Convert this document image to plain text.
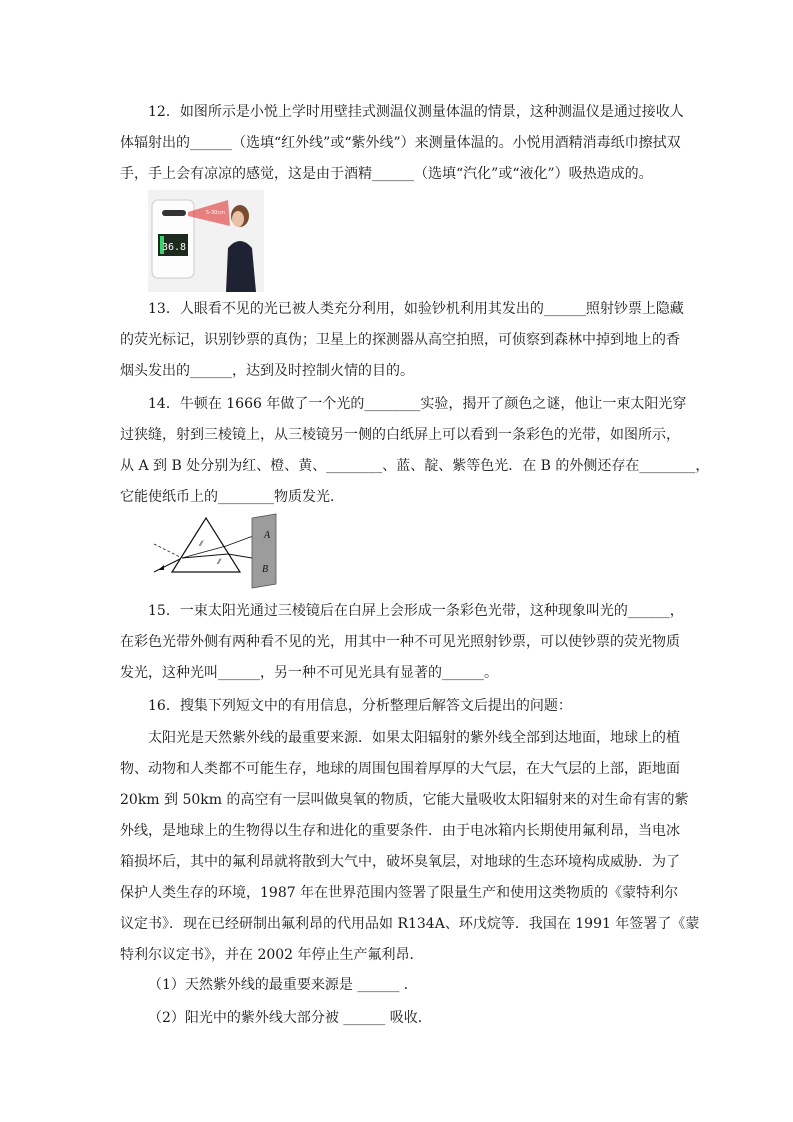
12．如图所示是小悦上学时用壁挂式测温仪测量体温的情景，这种测温仪是通过接收人
体辐射出的______（选填“红外线”或“紫外线”）来测量体温的。小悦用酒精消毒纸巾擦拭双
手，手上会有凉凉的感觉，这是由于酒精______（选填“汽化”或“液化”）吸热造成的。

36.8
5-30cm

13．人眼看不见的光已被人类充分利用，如验钞机利用其发出的______照射钞票上隐藏
的荧光标记，识别钞票的真伪；卫星上的探测器从高空拍照，可侦察到森林中掉到地上的香
烟头发出的______，达到及时控制火情的目的。

14．牛顿在 1666 年做了一个光的________实验，揭开了颜色之谜，他让一束太阳光穿
过狭缝，射到三棱镜上，从三棱镜另一侧的白纸屏上可以看到一条彩色的光带，如图所示，
从 A 到 B 处分别为红、橙、黄、________、蓝、靛、紫等色光．在 B 的外侧还存在________，
它能使纸币上的________物质发光．

⁄⁄
⁄⁄
A
B

15．一束太阳光通过三棱镜后在白屏上会形成一条彩色光带，这种现象叫光的______，
在彩色光带外侧有两种看不见的光，用其中一种不可见光照射钞票，可以使钞票的荧光物质
发光，这种光叫______，另一种不可见光具有显著的______。

16．搜集下列短文中的有用信息，分析整理后解答文后提出的问题：

太阳光是天然紫外线的最重要来源．如果太阳辐射的紫外线全部到达地面，地球上的植
物、动物和人类都不可能生存，地球的周围包围着厚厚的大气层，在大气层的上部，距地面
20km 到 50km 的高空有一层叫做臭氧的物质，它能大量吸收太阳辐射来的对生命有害的紫
外线，是地球上的生物得以生存和进化的重要条件．由于电冰箱内长期使用氟利昂，当电冰
箱损坏后，其中的氟利昂就将散到大气中，破坏臭氧层，对地球的生态环境构成威胁．为了
保护人类生存的环境，1987 年在世界范围内签署了限量生产和使用这类物质的《蒙特利尔
议定书》．现在已经研制出氟利昂的代用品如 R134A、环戊烷等．我国在 1991 年签署了《蒙
特利尔议定书》，并在 2002 年停止生产氟利昂．

（1）天然紫外线的最重要来源是 ______ ．

（2）阳光中的紫外线大部分被 ______ 吸收．
